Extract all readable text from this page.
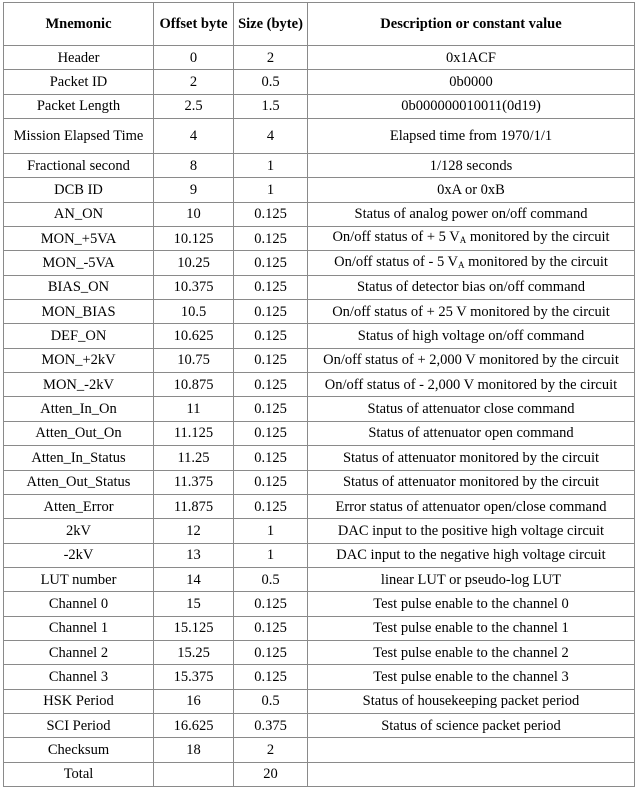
Mnemonic	Offset byte	Size (byte)	Description or constant value
Header	0	2	0x1ACF
Packet ID	2	0.5	0b0000
Packet Length	2.5	1.5	0b000000010011(0d19)
Mission Elapsed Time	4	4	Elapsed time from 1970/1/1
Fractional second	8	1	1/128 seconds
DCB ID	9	1	0xA or 0xB
AN_ON	10	0.125	Status of analog power on/off command
MON_+5VA	10.125	0.125	On/off status of + 5 $V_A$ monitored by the circuit
MON_-5VA	10.25	0.125	On/off status of - 5 $V_A$ monitored by the circuit
BIAS_ON	10.375	0.125	Status of detector bias on/off command
MON_BIAS	10.5	0.125	On/off status of + 25 V monitored by the circuit
DEF_ON	10.625	0.125	Status of high voltage on/off command
MON_+2kV	10.75	0.125	On/off status of + 2,000 V monitored by the circuit
MON_-2kV	10.875	0.125	On/off status of - 2,000 V monitored by the circuit
Atten_In_On	11	0.125	Status of attenuator close command
Atten_Out_On	11.125	0.125	Status of attenuator open command
Atten_In_Status	11.25	0.125	Status of attenuator monitored by the circuit
Atten_Out_Status	11.375	0.125	Status of attenuator monitored by the circuit
Atten_Error	11.875	0.125	Error status of attenuator open/close command
2kV	12	1	DAC input to the positive high voltage circuit
-2kV	13	1	DAC input to the negative high voltage circuit
LUT number	14	0.5	linear LUT or pseudo-log LUT
Channel 0	15	0.125	Test pulse enable to the channel 0
Channel 1	15.125	0.125	Test pulse enable to the channel 1
Channel 2	15.25	0.125	Test pulse enable to the channel 2
Channel 3	15.375	0.125	Test pulse enable to the channel 3
HSK Period	16	0.5	Status of housekeeping packet period
SCI Period	16.625	0.375	Status of science packet period
Checksum	18	2	
Total		20	
